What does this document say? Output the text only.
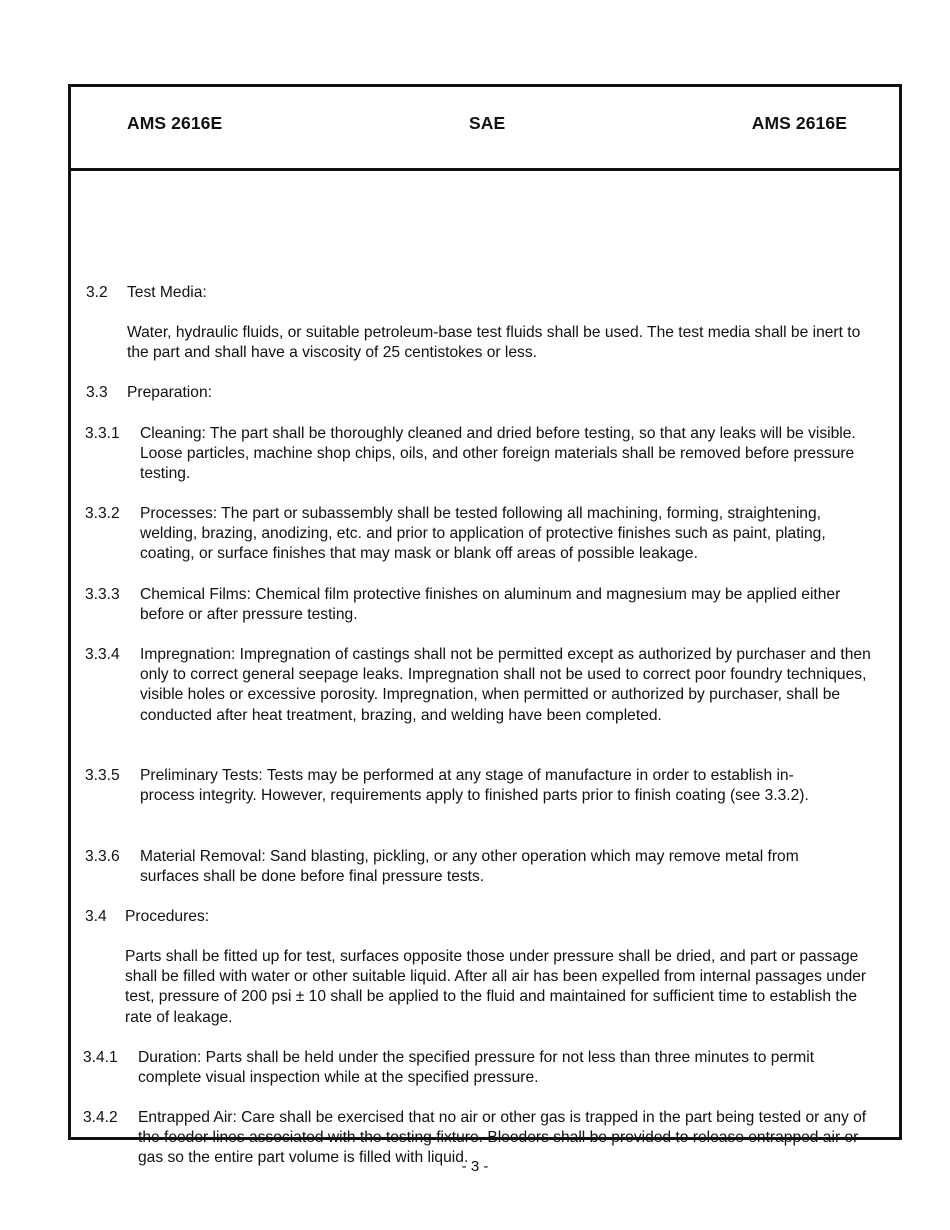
AMS 2616E	SAE	AMS 2616E
3.2 Test Media:
Water, hydraulic fluids, or suitable petroleum-base test fluids shall be used. The test media shall be inert to the part and shall have a viscosity of 25 centistokes or less.
3.3 Preparation:
3.3.1 Cleaning: The part shall be thoroughly cleaned and dried before testing, so that any leaks will be visible. Loose particles, machine shop chips, oils, and other foreign materials shall be removed before pressure testing.
3.3.2 Processes: The part or subassembly shall be tested following all machining, forming, straightening, welding, brazing, anodizing, etc. and prior to application of protective finishes such as paint, plating, coating, or surface finishes that may mask or blank off areas of possible leakage.
3.3.3 Chemical Films: Chemical film protective finishes on aluminum and magnesium may be applied either before or after pressure testing.
3.3.4 Impregnation: Impregnation of castings shall not be permitted except as authorized by purchaser and then only to correct general seepage leaks. Impregnation shall not be used to correct poor foundry techniques, visible holes or excessive porosity. Impregnation, when permitted or authorized by purchaser, shall be conducted after heat treatment, brazing, and welding have been completed.
3.3.5 Preliminary Tests: Tests may be performed at any stage of manufacture in order to establish in-process integrity. However, requirements apply to finished parts prior to finish coating (see 3.3.2).
3.3.6 Material Removal: Sand blasting, pickling, or any other operation which may remove metal from surfaces shall be done before final pressure tests.
3.4 Procedures:
Parts shall be fitted up for test, surfaces opposite those under pressure shall be dried, and part or passage shall be filled with water or other suitable liquid. After all air has been expelled from internal passages under test, pressure of 200 psi ± 10 shall be applied to the fluid and maintained for sufficient time to establish the rate of leakage.
3.4.1 Duration: Parts shall be held under the specified pressure for not less than three minutes to permit complete visual inspection while at the specified pressure.
3.4.2 Entrapped Air: Care shall be exercised that no air or other gas is trapped in the part being tested or any of the feeder lines associated with the testing fixture. Bleeders shall be provided to release entrapped air or gas so the entire part volume is filled with liquid.
- 3 -
